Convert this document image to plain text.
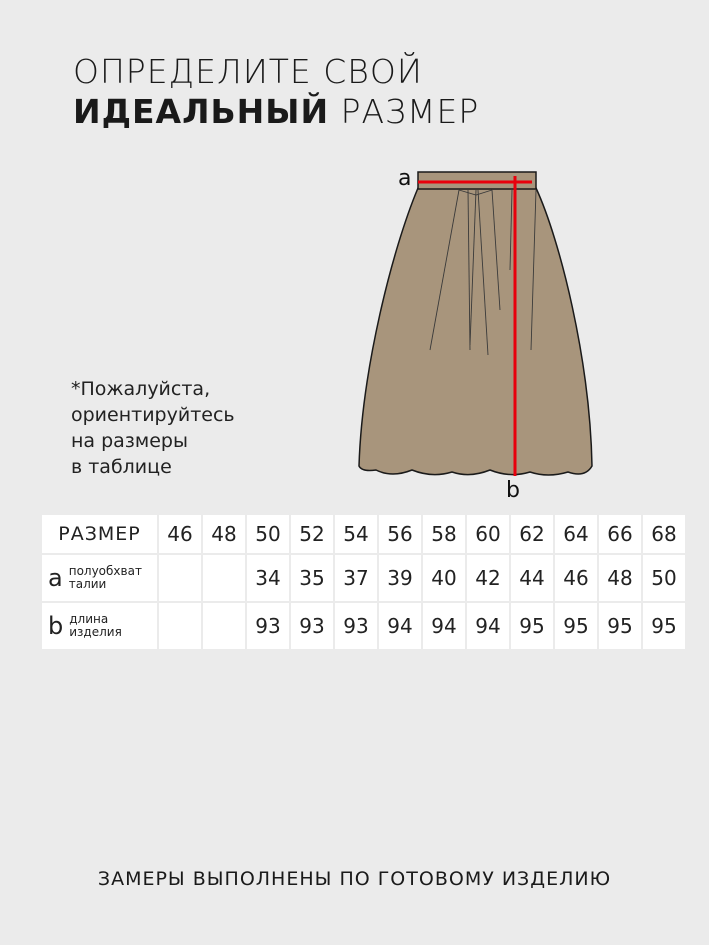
ОПРЕДЕЛИТЕ СВОЙ
ИДЕАЛЬНЫЙ РАЗМЕР
*Пожалуйста,
ориентируйтесь
на размеры
в таблице
a
b
РАЗМЕР	46	48	50	52	54	56	58	60	62	64	66	68

a полуобхват
талии			34	35	37	39	40	42	44	46	48	50

b длина
изделия			93	93	93	94	94	94	95	95	95	95
ЗАМЕРЫ ВЫПОЛНЕНЫ ПО ГОТОВОМУ ИЗДЕЛИЮ
